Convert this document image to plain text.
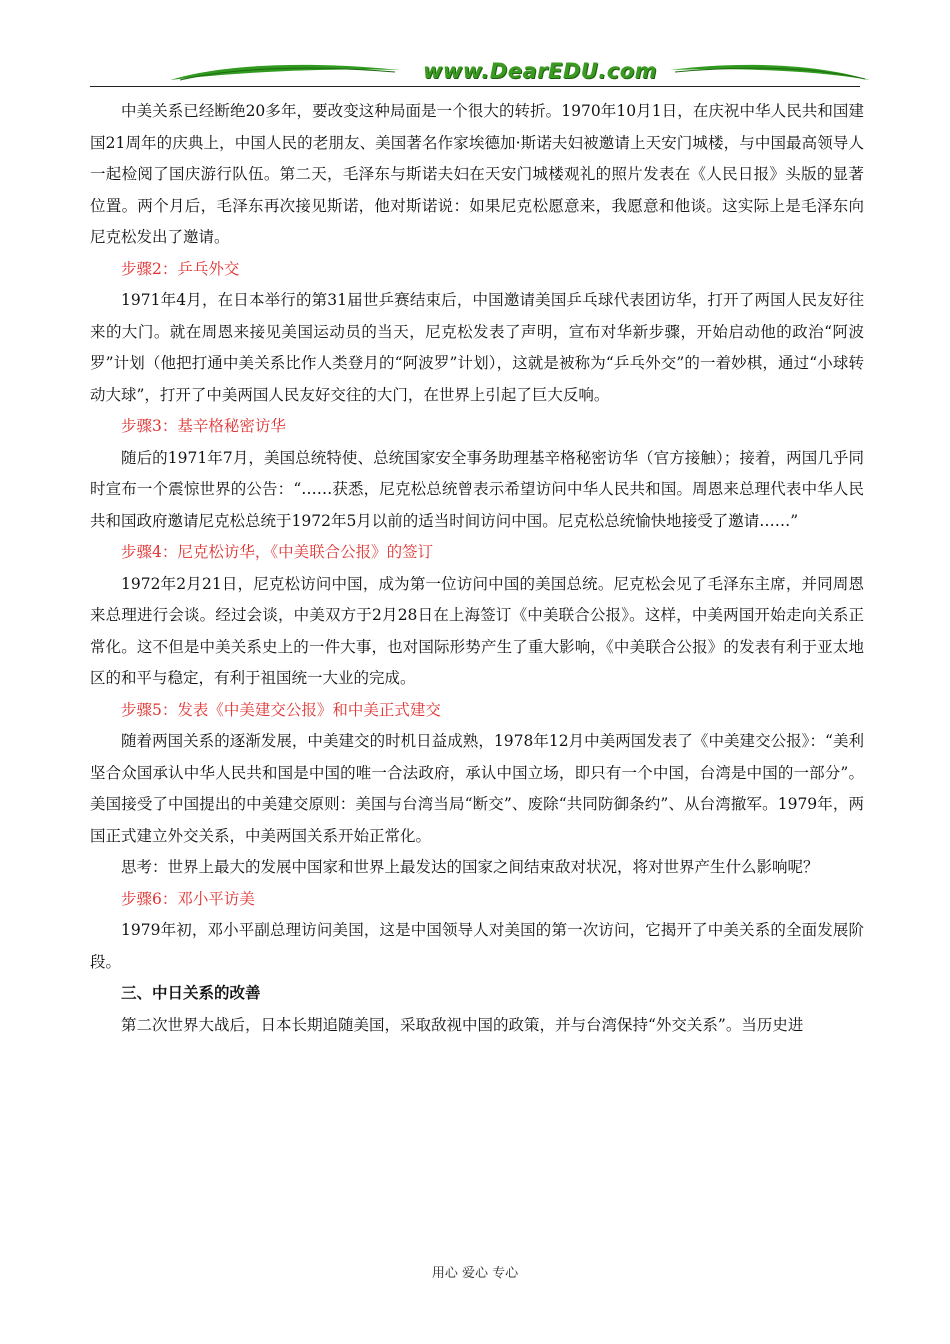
www.DearEDU.com

中美关系已经断绝20多年，要改变这种局面是一个很大的转折。1970年10月1日，在庆祝中华人民共和国建国21周年的庆典上，中国人民的老朋友、美国著名作家埃德加·斯诺夫妇被邀请上天安门城楼，与中国最高领导人一起检阅了国庆游行队伍。第二天，毛泽东与斯诺夫妇在天安门城楼观礼的照片发表在《人民日报》头版的显著位置。两个月后，毛泽东再次接见斯诺，他对斯诺说：如果尼克松愿意来，我愿意和他谈。这实际上是毛泽东向尼克松发出了邀请。

步骤2：乒乓外交

1971年4月，在日本举行的第31届世乒赛结束后，中国邀请美国乒乓球代表团访华，打开了两国人民友好往来的大门。就在周恩来接见美国运动员的当天，尼克松发表了声明，宣布对华新步骤，开始启动他的政治“阿波罗”计划（他把打通中美关系比作人类登月的“阿波罗”计划），这就是被称为“乒乓外交”的一着妙棋，通过“小球转动大球”，打开了中美两国人民友好交往的大门，在世界上引起了巨大反响。

步骤3：基辛格秘密访华

随后的1971年7月，美国总统特使、总统国家安全事务助理基辛格秘密访华（官方接触）；接着，两国几乎同时宣布一个震惊世界的公告：“……获悉，尼克松总统曾表示希望访问中华人民共和国。周恩来总理代表中华人民共和国政府邀请尼克松总统于1972年5月以前的适当时间访问中国。尼克松总统愉快地接受了邀请……”

步骤4：尼克松访华，《中美联合公报》的签订

1972年2月21日，尼克松访问中国，成为第一位访问中国的美国总统。尼克松会见了毛泽东主席，并同周恩来总理进行会谈。经过会谈，中美双方于2月28日在上海签订《中美联合公报》。这样，中美两国开始走向关系正常化。这不但是中美关系史上的一件大事，也对国际形势产生了重大影响，《中美联合公报》的发表有利于亚太地区的和平与稳定，有利于祖国统一大业的完成。

步骤5：发表《中美建交公报》和中美正式建交

随着两国关系的逐渐发展，中美建交的时机日益成熟，1978年12月中美两国发表了《中美建交公报》：“美利坚合众国承认中华人民共和国是中国的唯一合法政府，承认中国立场，即只有一个中国，台湾是中国的一部分”。美国接受了中国提出的中美建交原则：美国与台湾当局“断交”、废除“共同防御条约”、从台湾撤军。1979年，两国正式建立外交关系，中美两国关系开始正常化。

思考：世界上最大的发展中国家和世界上最发达的国家之间结束敌对状况，将对世界产生什么影响呢？

步骤6：邓小平访美

1979年初，邓小平副总理访问美国，这是中国领导人对美国的第一次访问，它揭开了中美关系的全面发展阶段。

三、中日关系的改善

第二次世界大战后，日本长期追随美国，采取敌视中国的政策，并与台湾保持“外交关系”。当历史进

用心 爱心 专心
